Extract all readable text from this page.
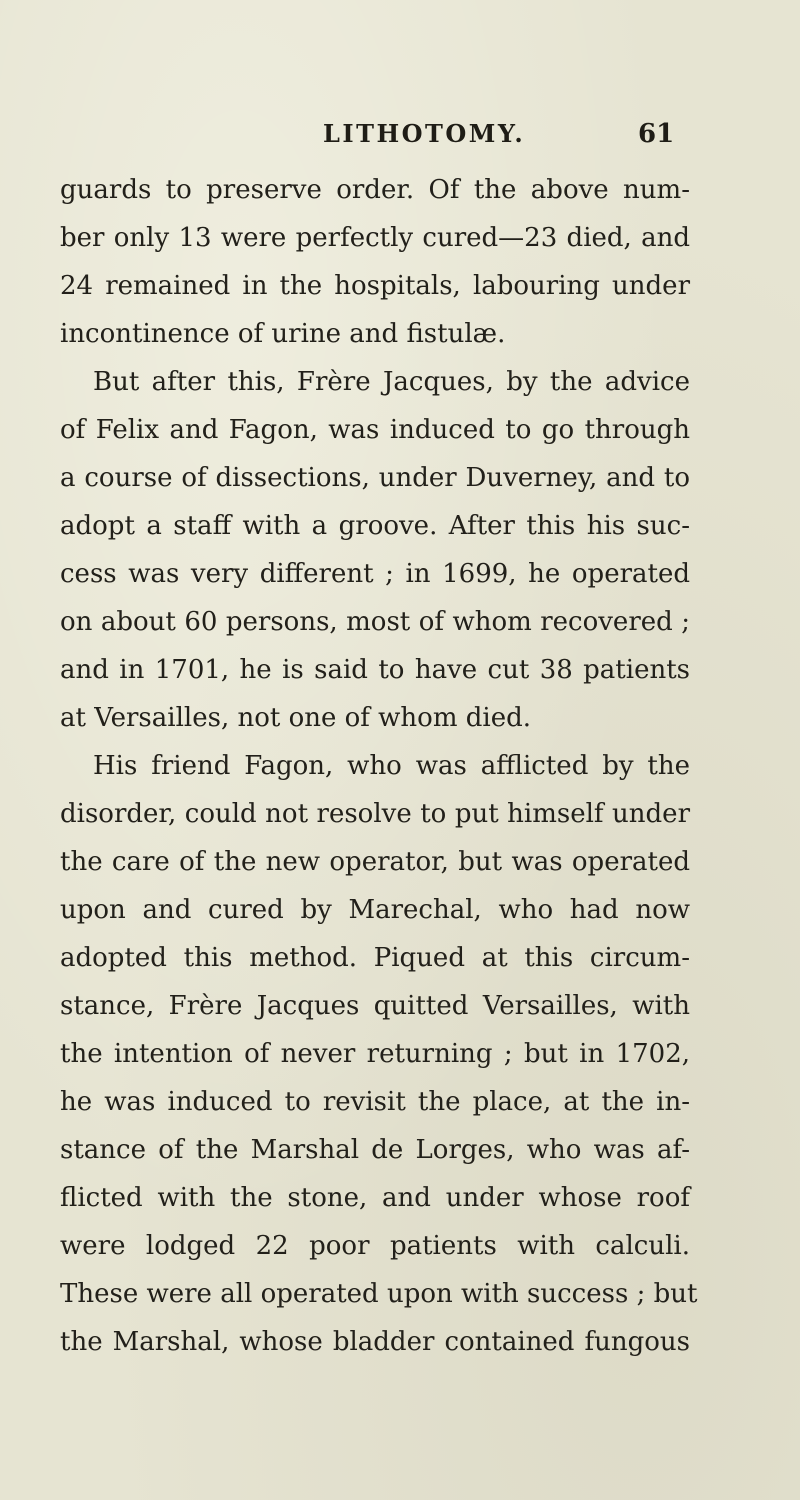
LITHOTOMY.	61
guards to preserve order. Of the above num-
ber only 13 were perfectly cured—23 died, and
24 remained in the hospitals, labouring under
incontinence of urine and fistulæ.
But after this, Frère Jacques, by the advice
of Felix and Fagon, was induced to go through
a course of dissections, under Duverney, and to
adopt a staff with a groove. After this his suc-
cess was very different ; in 1699, he operated
on about 60 persons, most of whom recovered ;
and in 1701, he is said to have cut 38 patients
at Versailles, not one of whom died.
His friend Fagon, who was afflicted by the
disorder, could not resolve to put himself under
the care of the new operator, but was operated
upon and cured by Marechal, who had now
adopted this method. Piqued at this circum-
stance, Frère Jacques quitted Versailles, with
the intention of never returning ; but in 1702,
he was induced to revisit the place, at the in-
stance of the Marshal de Lorges, who was af-
flicted with the stone, and under whose roof
were lodged 22 poor patients with calculi.
These were all operated upon with success ; but
the Marshal, whose bladder contained fungous
